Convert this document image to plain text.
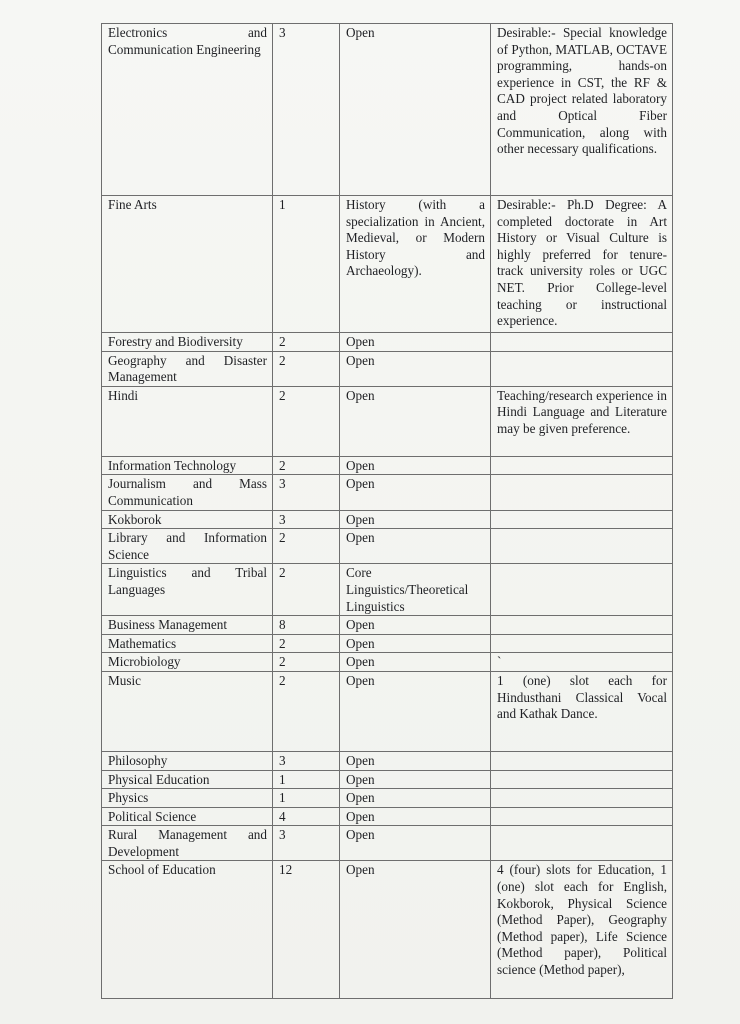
Electronics and Communication Engineering	3	Open	Desirable:- Special knowledge of Python, MATLAB, OCTAVE programming, hands-on experience in CST, the RF & CAD project related laboratory and Optical Fiber Communication, along with other necessary qualifications.
Fine Arts	1	History (with a specialization in Ancient, Medieval, or Modern History and Archaeology).	Desirable:- Ph.D Degree: A completed doctorate in Art History or Visual Culture is highly preferred for tenure-track university roles or UGC NET. Prior College-level teaching or instructional experience.
Forestry and Biodiversity	2	Open	
Geography and Disaster Management	2	Open	
Hindi	2	Open	Teaching/research experience in Hindi Language and Literature may be given preference.
Information Technology	2	Open	
Journalism and Mass Communication	3	Open	
Kokborok	3	Open	
Library and Information Science	2	Open	
Linguistics and Tribal Languages	2	Core Linguistics/Theoretical Linguistics	
Business Management	8	Open	
Mathematics	2	Open	
Microbiology	2	Open	`
Music	2	Open	1 (one) slot each for Hindusthani Classical Vocal and Kathak Dance.
Philosophy	3	Open	
Physical Education	1	Open	
Physics	1	Open	
Political Science	4	Open	
Rural Management and Development	3	Open	
School of Education	12	Open	4 (four) slots for Education, 1 (one) slot each for English, Kokborok, Physical Science (Method Paper), Geography (Method paper), Life Science (Method paper), Political science (Method paper),
